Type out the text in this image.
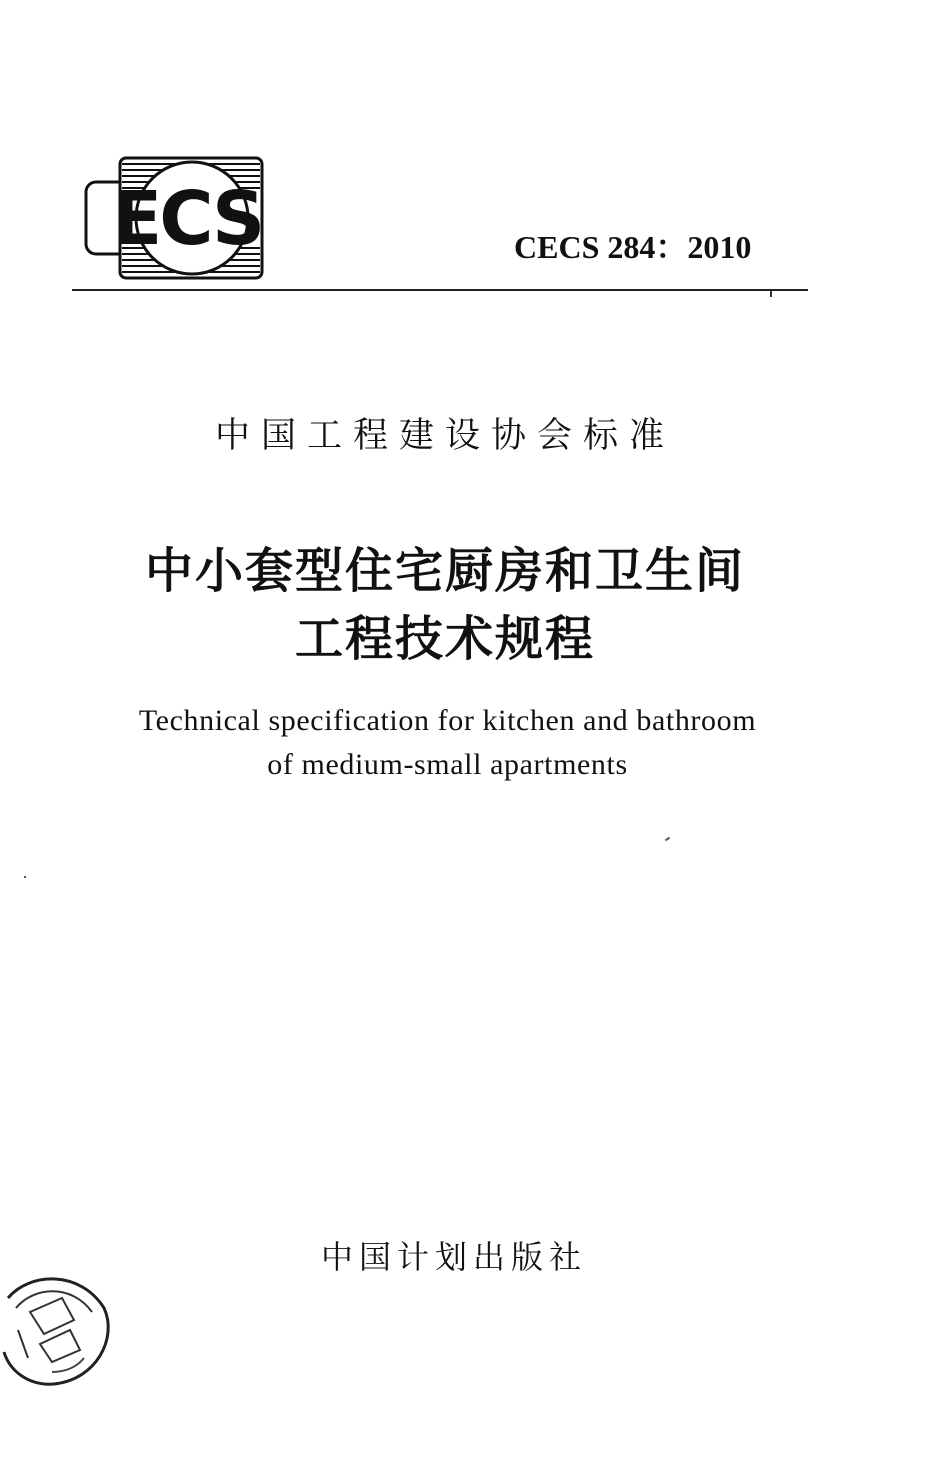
ECS	CECS 284：2010
中国工程建设协会标准
中小套型住宅厨房和卫生间
工程技术规程
Technical specification for kitchen and bathroom
of medium-small apartments
中国计划出版社
